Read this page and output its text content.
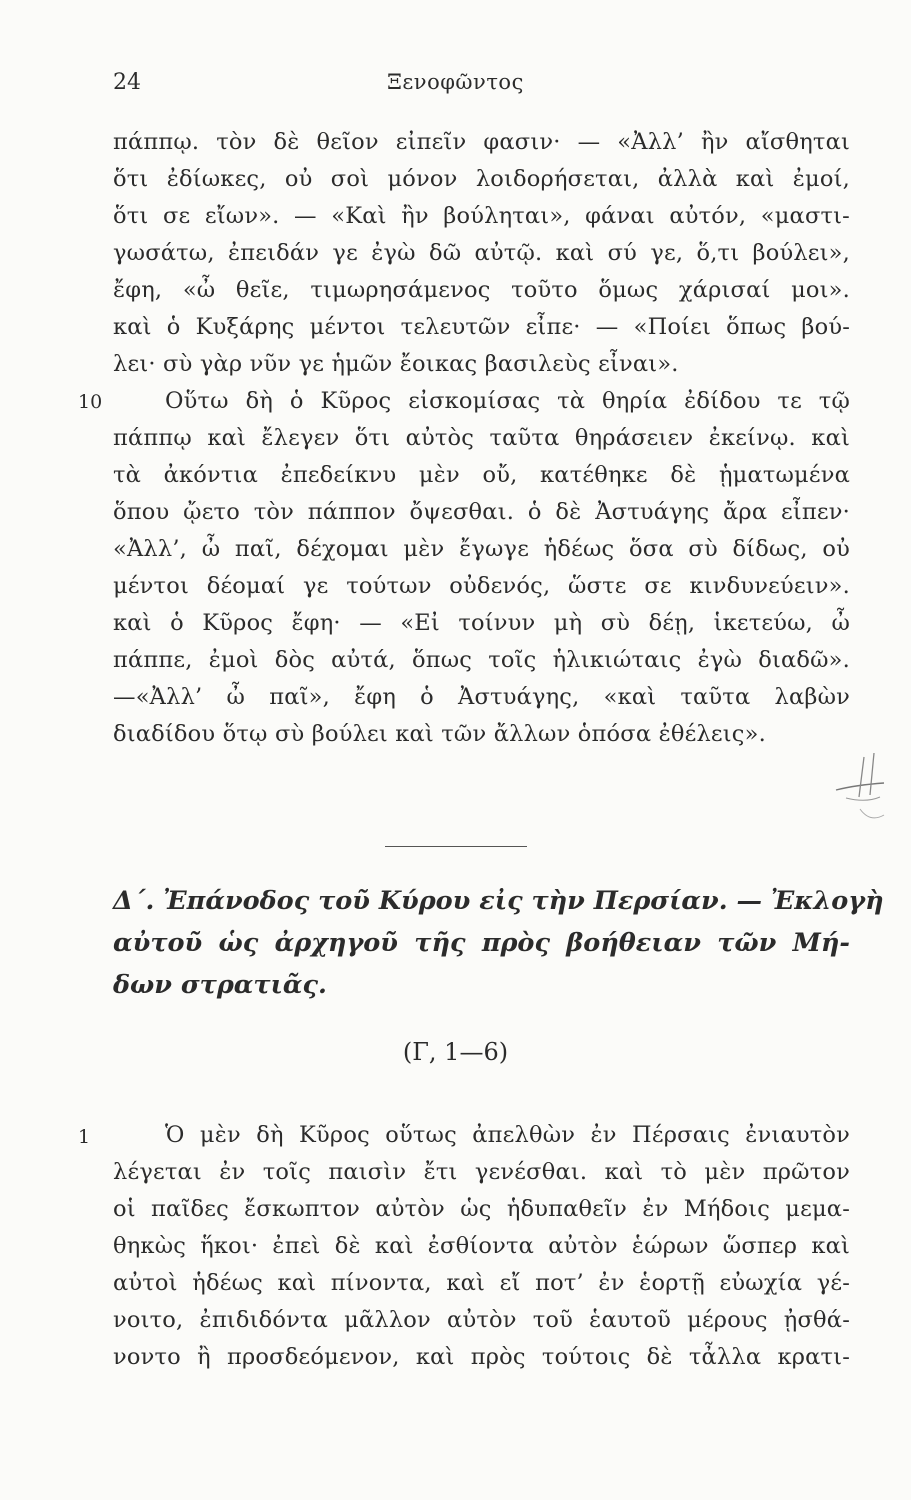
24	Ξενοφῶντος
πάππῳ. τὸν δὲ θεῖον εἰπεῖν φασιν· — «Ἀλλ’ ἢν αἴσθηται
ὅτι ἐδίωκες, οὐ σοὶ μόνον λοιδορήσεται, ἀλλὰ καὶ ἐμοί,
ὅτι σε εἴων». — «Καὶ ἢν βούληται», φάναι αὐτόν, «μαστι-
γωσάτω, ἐπειδάν γε ἐγὼ δῶ αὐτῷ. καὶ σύ γε, ὅ,τι βούλει»,
ἔφη, «ὦ θεῖε, τιμωρησάμενος τοῦτο ὅμως χάρισαί μοι».
καὶ ὁ Κυξάρης μέντοι τελευτῶν εἶπε· — «Ποίει ὅπως βού-
λει· σὺ γὰρ νῦν γε ἡμῶν ἔοικας βασιλεὺς εἶναι».
10	Οὕτω δὴ ὁ Κῦρος εἰσκομίσας τὰ θηρία ἐδίδου τε τῷ
πάππῳ καὶ ἔλεγεν ὅτι αὐτὸς ταῦτα θηράσειεν ἐκείνῳ. καὶ
τὰ ἀκόντια ἐπεδείκνυ μὲν οὔ, κατέθηκε δὲ ᾑματωμένα
ὅπου ᾤετο τὸν πάππον ὄψεσθαι. ὁ δὲ Ἀστυάγης ἄρα εἶπεν·
«Ἀλλ’, ὦ παῖ, δέχομαι μὲν ἔγωγε ἡδέως ὅσα σὺ δίδως, οὐ
μέντοι δέομαί γε τούτων οὐδενός, ὥστε σε κινδυνεύειν».
καὶ ὁ Κῦρος ἔφη· — «Εἰ τοίνυν μὴ σὺ δέῃ, ἱκετεύω, ὦ
πάππε, ἐμοὶ δὸς αὐτά, ὅπως τοῖς ἡλικιώταις ἐγὼ διαδῶ».
—«Ἀλλ’ ὦ παῖ», ἔφη ὁ Ἀστυάγης, «καὶ ταῦτα λαβὼν
διαδίδου ὅτῳ σὺ βούλει καὶ τῶν ἄλλων ὁπόσα ἐθέλεις».
Δ΄. Ἐπάνοδος τοῦ Κύρου εἰς τὴν Περσίαν. — Ἐκλογὴ
αὐτοῦ ὡς ἀρχηγοῦ τῆς πρὸς βοήθειαν τῶν Μή-
δων στρατιᾶς.
(Γ, 1—6)
1	Ὁ μὲν δὴ Κῦρος οὕτως ἀπελθὼν ἐν Πέρσαις ἐνιαυτὸν
λέγεται ἐν τοῖς παισὶν ἔτι γενέσθαι. καὶ τὸ μὲν πρῶτον
οἱ παῖδες ἔσκωπτον αὐτὸν ὡς ἡδυπαθεῖν ἐν Μήδοις μεμα-
θηκὼς ἥκοι· ἐπεὶ δὲ καὶ ἐσθίοντα αὐτὸν ἑώρων ὥσπερ καὶ
αὐτοὶ ἡδέως καὶ πίνοντα, καὶ εἴ ποτ’ ἐν ἑορτῇ εὐωχία γέ-
νοιτο, ἐπιδιδόντα μᾶλλον αὐτὸν τοῦ ἑαυτοῦ μέρους ᾐσθά-
νοντο ἢ προσδεόμενον, καὶ πρὸς τούτοις δὲ τἆλλα κρατι-
